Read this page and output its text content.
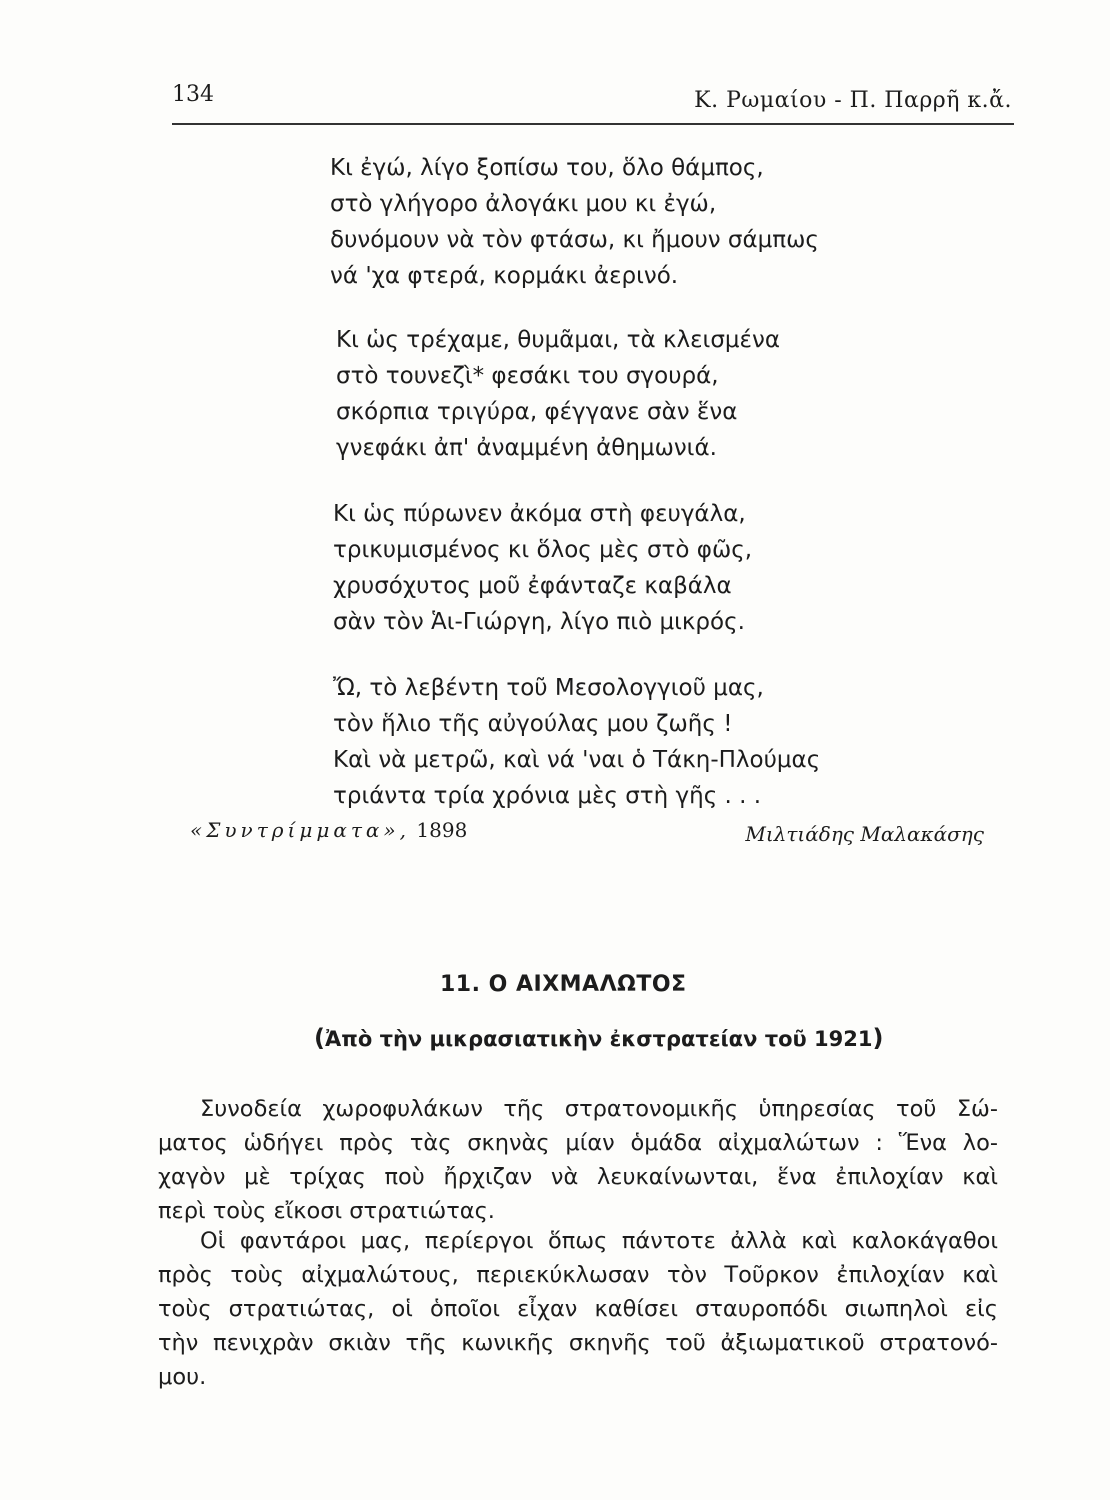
134	Κ. Ρωμαίου - Π. Παρρῆ κ.ἄ.
Κι ἐγώ, λίγο ξοπίσω του, ὅλο θάμπος,
στὸ γλήγορο ἀλογάκι μου κι ἐγώ,
δυνόμουν νὰ τὸν φτάσω, κι ἤμουν σάμπως
νά 'χα φτερά, κορμάκι ἀερινό.
Κι ὡς τρέχαμε, θυμᾶμαι, τὰ κλεισμένα
στὸ τουνεζὶ* φεσάκι του σγουρά,
σκόρπια τριγύρα, φέγγανε σὰν ἕνα
γνεφάκι ἀπ' ἀναμμένη ἀθημωνιά.
Κι ὡς πύρωνεν ἀκόμα στὴ φευγάλα,
τρικυμισμένος κι ὅλος μὲς στὸ φῶς,
χρυσόχυτος μοῦ ἐφάνταζε καβάλα
σὰν τὸν Ἁι-Γιώργη, λίγο πιὸ μικρός.
Ὤ, τὸ λεβέντη τοῦ Μεσολογγιοῦ μας,
τὸν ἥλιο τῆς αὐγούλας μου ζωῆς !
Καὶ νὰ μετρῶ, καὶ νά 'ναι ὁ Τάκη-Πλούμας
τριάντα τρία χρόνια μὲς στὴ γῆς . . .
«Συντρίμματα», 1898	Μιλτιάδης Μαλακάσης
11. Ο ΑΙΧΜΑΛΩΤΟΣ
(Ἀπὸ τὴν μικρασιατικὴν ἐκστρατείαν τοῦ 1921)
Συνοδεία χωροφυλάκων τῆς στρατονομικῆς ὑπηρεσίας τοῦ Σώ-
ματος ὡδήγει πρὸς τὰς σκηνὰς μίαν ὁμάδα αἰχμαλώτων : Ἕνα λο-
χαγὸν μὲ τρίχας ποὺ ἤρχιζαν νὰ λευκαίνωνται, ἕνα ἐπιλοχίαν καὶ
περὶ τοὺς εἴκοσι στρατιώτας.
Οἱ φαντάροι μας, περίεργοι ὅπως πάντοτε ἀλλὰ καὶ καλοκάγαθοι
πρὸς τοὺς αἰχμαλώτους, περιεκύκλωσαν τὸν Τοῦρκον ἐπιλοχίαν καὶ
τοὺς στρατιώτας, οἱ ὁποῖοι εἶχαν καθίσει σταυροπόδι σιωπηλοὶ εἰς
τὴν πενιχρὰν σκιὰν τῆς κωνικῆς σκηνῆς τοῦ ἀξιωματικοῦ στρατονό-
μου.
